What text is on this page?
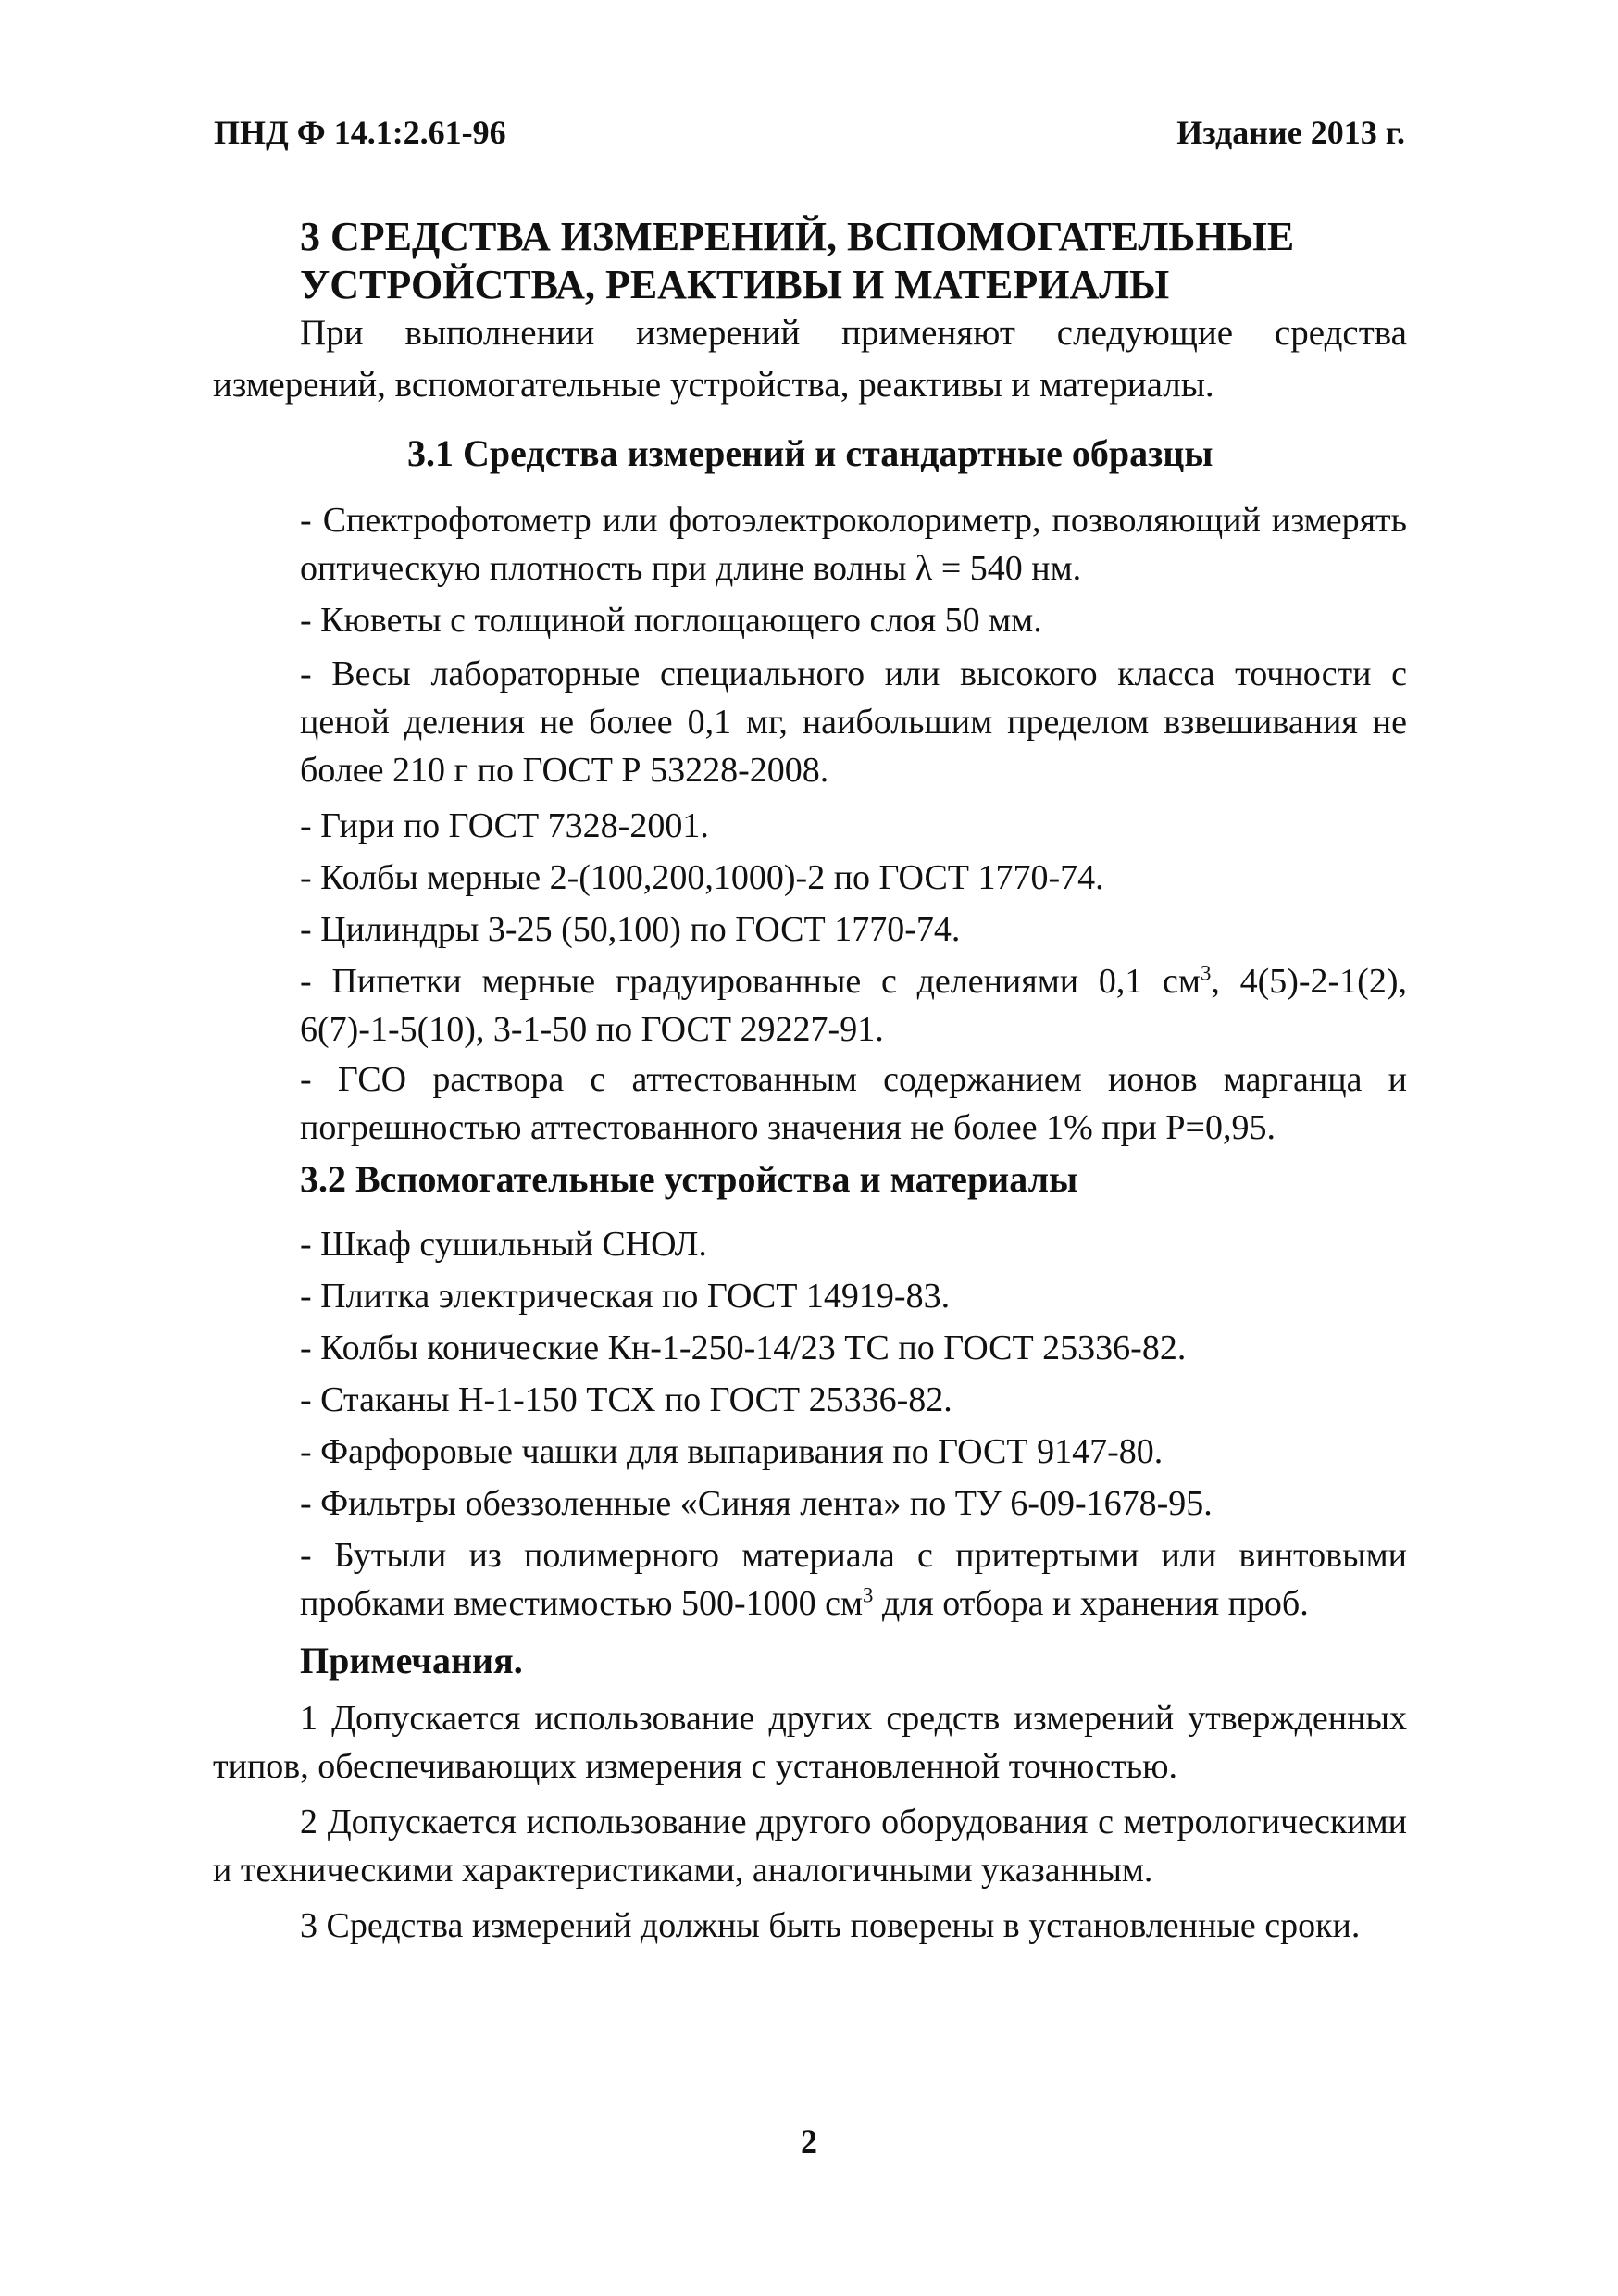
ПНД Ф 14.1:2.61-96	Издание 2013 г.
3 СРЕДСТВА ИЗМЕРЕНИЙ, ВСПОМОГАТЕЛЬНЫЕ УСТРОЙСТВА, РЕАКТИВЫ И МАТЕРИАЛЫ
При выполнении измерений применяют следующие средства измерений, вспомогательные устройства, реактивы и материалы.
3.1 Средства измерений и стандартные образцы
- Спектрофотометр или фотоэлектроколориметр, позволяющий измерять оптическую плотность при длине волны λ = 540 нм.
- Кюветы с толщиной поглощающего слоя 50 мм.
- Весы лабораторные специального или высокого класса точности с ценой деления не более 0,1 мг, наибольшим пределом взвешивания не более 210 г по ГОСТ Р 53228-2008.
- Гири по ГОСТ 7328-2001.
- Колбы мерные 2-(100,200,1000)-2 по ГОСТ 1770-74.
- Цилиндры 3-25 (50,100) по ГОСТ 1770-74.
- Пипетки мерные градуированные с делениями 0,1 $см^3$, 4(5)-2-1(2), 6(7)-1-5(10), 3-1-50 по ГОСТ 29227-91.
- ГСО раствора с аттестованным содержанием ионов марганца и погрешностью аттестованного значения не более 1% при Р=0,95.
3.2 Вспомогательные устройства и материалы
- Шкаф сушильный СНОЛ.
- Плитка электрическая по ГОСТ 14919-83.
- Колбы конические Кн-1-250-14/23 ТС по ГОСТ 25336-82.
- Стаканы Н-1-150 ТСХ по ГОСТ 25336-82.
- Фарфоровые чашки для выпаривания по ГОСТ 9147-80.
- Фильтры обеззоленные «Синяя лента» по ТУ 6-09-1678-95.
- Бутыли из полимерного материала с притертыми или винтовыми пробками вместимостью 500-1000 $см^3$ для отбора и хранения проб.
Примечания.
1 Допускается использование других средств измерений утвержденных типов, обеспечивающих измерения с установленной точностью.
2 Допускается использование другого оборудования с метрологическими и техническими характеристиками, аналогичными указанным.
3 Средства измерений должны быть поверены в установленные сроки.
2
